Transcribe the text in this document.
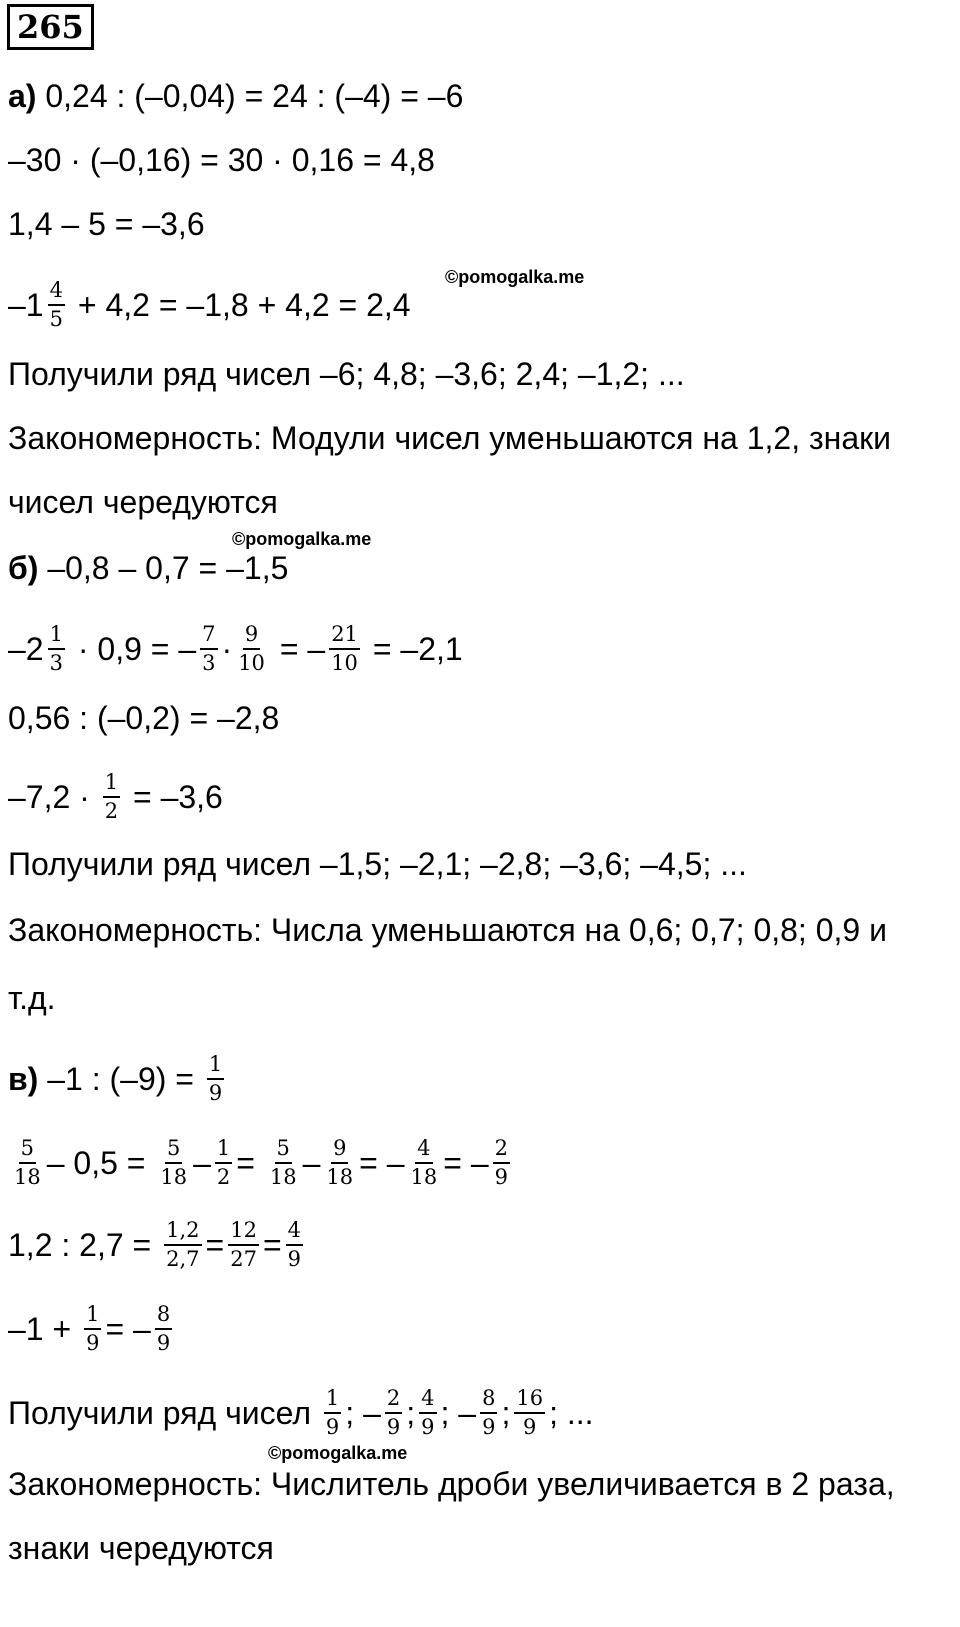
265
а) 0,24 : (–0,04) = 24 : (–4) = –6
–30 · (–0,16) = 30 · 0,16 = 4,8
1,4 – 5 = –3,6
$-1 \frac{4}{5} + 4,2 = -1,8 + 4,2 = 2,4$
©pomogalka.me
Получили ряд чисел –6; 4,8; –3,6; 2,4; –1,2; ...
Закономерность: Модули чисел уменьшаются на 1,2, знаки
чисел чередуются
©pomogalka.me
б) –0,8 – 0,7 = –1,5
$-2 \frac{1}{3} \cdot 0,9$ = – $\frac{7}{3} \cdot \frac{9}{10}$ = – $\frac{21}{10} = -2,1$
0,56 : (–0,2) = –2,8
$-7,2 \cdot \frac{1}{2} = -3,6$
Получили ряд чисел –1,5; –2,1; –2,8; –3,6; –4,5; ...
Закономерность: Числа уменьшаются на 0,6; 0,7; 0,8; 0,9 и
т.д.
в) –1 : $(-9) = \frac{1}{9}$
$\frac{5}{18} - 0,5 = \frac{5}{18} - \frac{1}{2} = \frac{5}{18} - \frac{9}{18}$ = – $\frac{4}{18}$ = – $\frac{2}{9}$
1,2 : $2,7 = \frac{1,2}{2,7} = \frac{12}{27} = \frac{4}{9}$
$-1 + \frac{1}{9}$ = – $\frac{8}{9}$
Получили ряд чисел $\frac{1}{9}$ ; – $\frac{2}{9}$ ; $\frac{4}{9}$ ; – $\frac{8}{9}$ ; $\frac{16}{9}$ ; ...
©pomogalka.me
Закономерность: Числитель дроби увеличивается в 2 раза,
знаки чередуются
